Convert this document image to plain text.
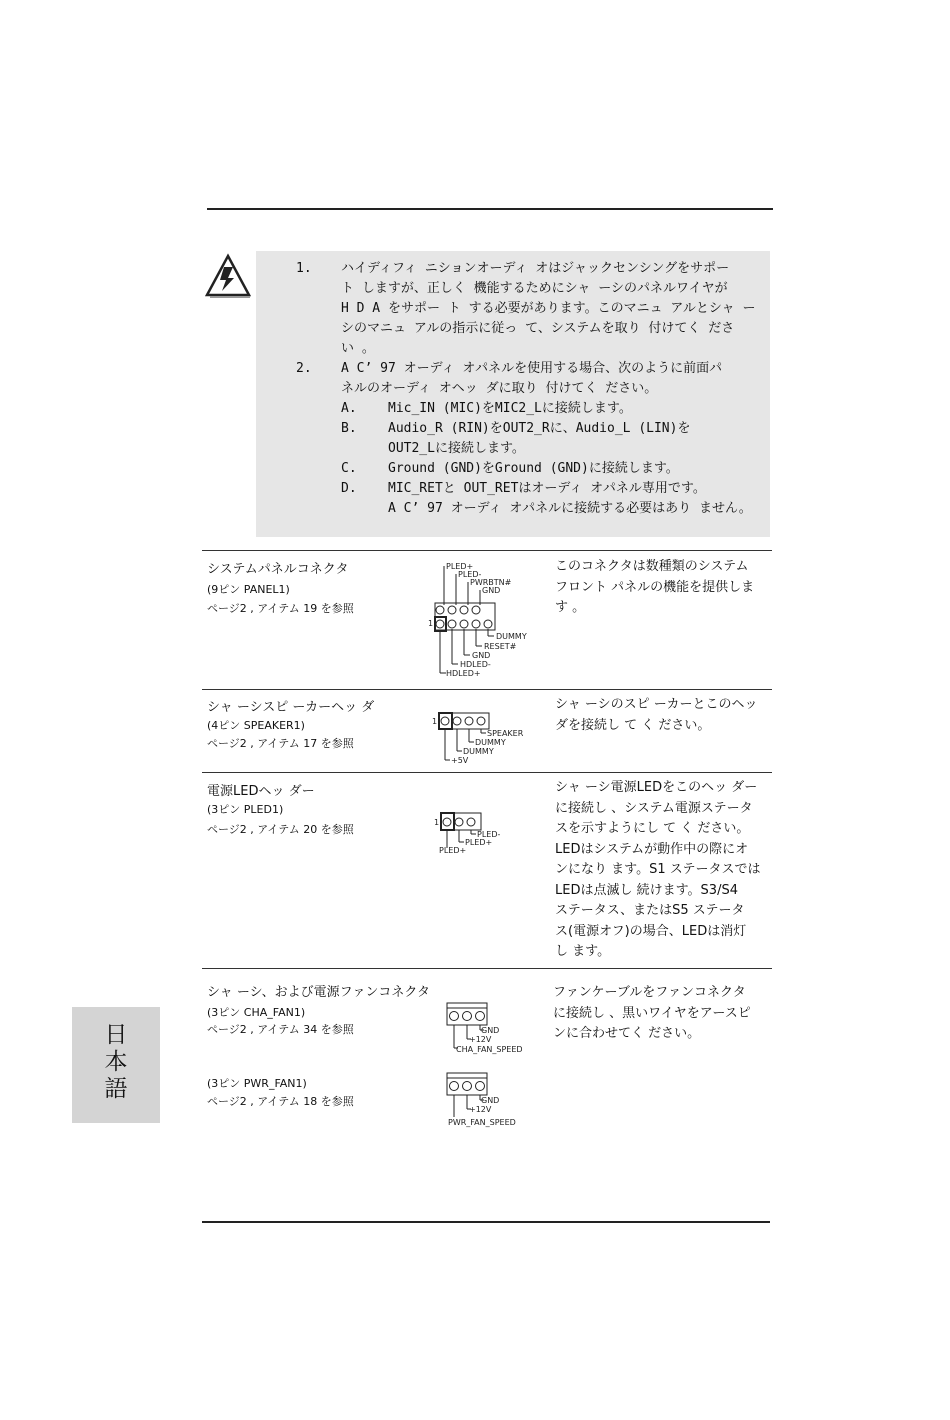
1. ハイディフィ ニションオーディ オはジャックセンシングをサポー
ト しますが、正しく 機能するためにシャ ーシのパネルワイヤが
H D A をサポー ト する必要があります。このマニュ アルとシャ ー
シのマニュ アルの指示に従っ て、システムを取り 付けてく ださ
い 。
2. A C’ 97 オーディ オパネルを使用する場合、次のように前面パ
ネルのオーディ オヘッ ダに取り 付けてく ださい。
A. Mic_IN (MIC)をMIC2_Lに接続します。
B. Audio_R (RIN)をOUT2_Rに、Audio_L (LIN)を
OUT2_Lに接続します。
C. Ground (GND)をGround (GND)に接続します。
D. MIC_RETと OUT_RETはオーディ オパネル専用です。
A C’ 97 オーディ オパネルに接続する必要はあり ません。
システムパネルコネクタ
(9ピン PANEL1)
ページ2 , アイテム 19 を参照
このコネクタは数種類のシステム
フロント パネルの機能を提供しま
す 。
PLED+
PLED-
PWRBTN#
GND
1
DUMMY
RESET#
GND
HDLED-
HDLED+
シャ ーシスピ ーカーヘッ ダ
(4ピン SPEAKER1)
ページ2 , アイテム 17 を参照
シャ ーシのスピ ーカーとこのヘッ
ダを接続し て く ださい。
1
SPEAKER
DUMMY
DUMMY
+5V
電源LEDヘッ ダー
(3ピン PLED1)
ページ2 , アイテム 20 を参照
シャ ーシ電源LEDをこのヘッ ダー
に接続し 、システム電源ステータ
スを示すようにし て く ださい。
LEDはシステムが動作中の際にオ
ンになり ます。S1 ステータスでは
LEDは点滅し 続けます。S3/S4
ステータス、またはS5 ステータ
ス(電源オフ)の場合、LEDは消灯
し ます。
1
PLED-
PLED+
PLED+
シャ ーシ、および電源ファンコネクタ
(3ピン CHA_FAN1)
ページ2 , アイテム 34 を参照
(3ピン PWR_FAN1)
ページ2 , アイテム 18 を参照
ファンケーブルをファンコネクタ
に接続し 、黒いワイヤをアースピ
ンに合わせてく ださい。
GND
+12V
CHA_FAN_SPEED
GND
+12V
PWR_FAN_SPEED
日本語
